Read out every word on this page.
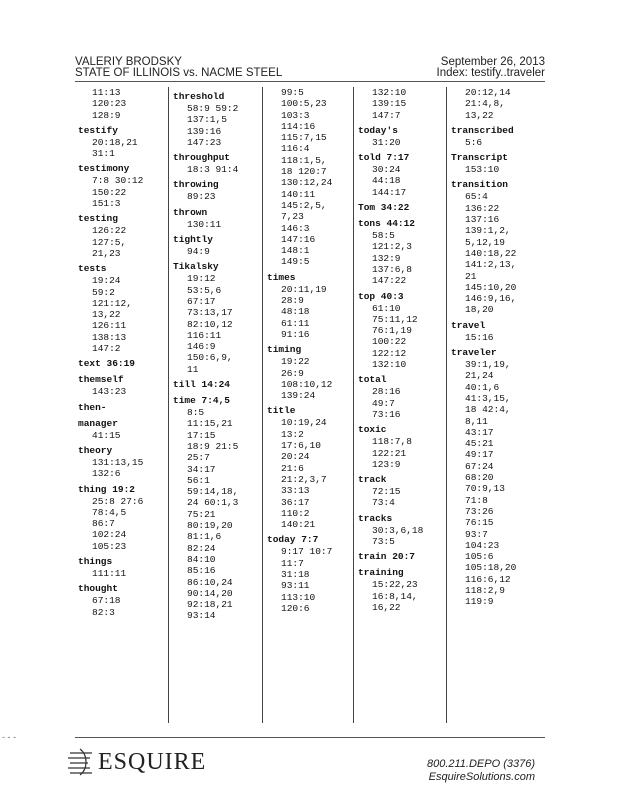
VALERIY BRODSKY
STATE OF ILLINOIS vs. NACME STEEL
September 26, 2013
Index: testify..traveler
11:13
120:23
128:9
testify
20:18,21
31:1
testimony
7:8 30:12
150:22
151:3
testing
126:22
127:5,
21,23
tests
19:24
59:2
121:12,
13,22
126:11
138:13
147:2
text 36:19
themself
143:23
then-
manager
41:15
theory
131:13,15
132:6
thing 19:2
25:8 27:6
78:4,5
86:7
102:24
105:23
things
111:11
thought
67:18
82:3
threshold
58:9 59:2
137:1,5
139:16
147:23
throughput
18:3 91:4
throwing
89:23
thrown
130:11
tightly
94:9
Tikalsky
19:12
53:5,6
67:17
73:13,17
82:10,12
116:11
146:9
150:6,9,
11
till 14:24
time 7:4,5
8:5
11:15,21
17:15
18:9 21:5
25:7
34:17
56:1
59:14,18,
24 60:1,3
75:21
80:19,20
81:1,6
82:24
84:10
85:16
86:10,24
90:14,20
92:18,21
93:14
99:5
100:5,23
103:3
114:16
115:7,15
116:4
118:1,5,
18 120:7
130:12,24
140:11
145:2,5,
7,23
146:3
147:16
148:1
149:5
times
20:11,19
28:9
48:18
61:11
91:16
timing
19:22
26:9
108:10,12
139:24
title
10:19,24
13:2
17:6,10
20:24
21:6
21:2,3,7
33:13
36:17
110:2
140:21
today 7:7
9:17 10:7
11:7
31:18
93:11
113:10
120:6
132:10
139:15
147:7
today's
31:20
told 7:17
30:24
44:18
144:17
Tom 34:22
tons 44:12
58:5
121:2,3
132:9
137:6,8
147:22
top 40:3
61:10
75:11,12
76:1,19
100:22
122:12
132:10
total
28:16
49:7
73:16
toxic
118:7,8
122:21
123:9
track
72:15
73:4
tracks
30:3,6,18
73:5
train 20:7
training
15:22,23
16:8,14,
16,22
20:12,14
21:4,8,
13,22
transcribed
5:6
Transcript
153:10
transition
65:4
136:22
137:16
139:1,2,
5,12,19
140:18,22
141:2,13,
21
145:10,20
146:9,16,
18,20
travel
15:16
traveler
39:1,19,
21,24
40:1,6
41:3,15,
18 42:4,
8,11
43:17
45:21
49:17
67:24
68:20
70:9,13
71:8
73:26
76:15
93:7
104:23
105:6
105:18,20
116:6,12
118:2,9
119:9
ESQUIRE	800.211.DEPO (3376)
EsquireSolutions.com
- - -
